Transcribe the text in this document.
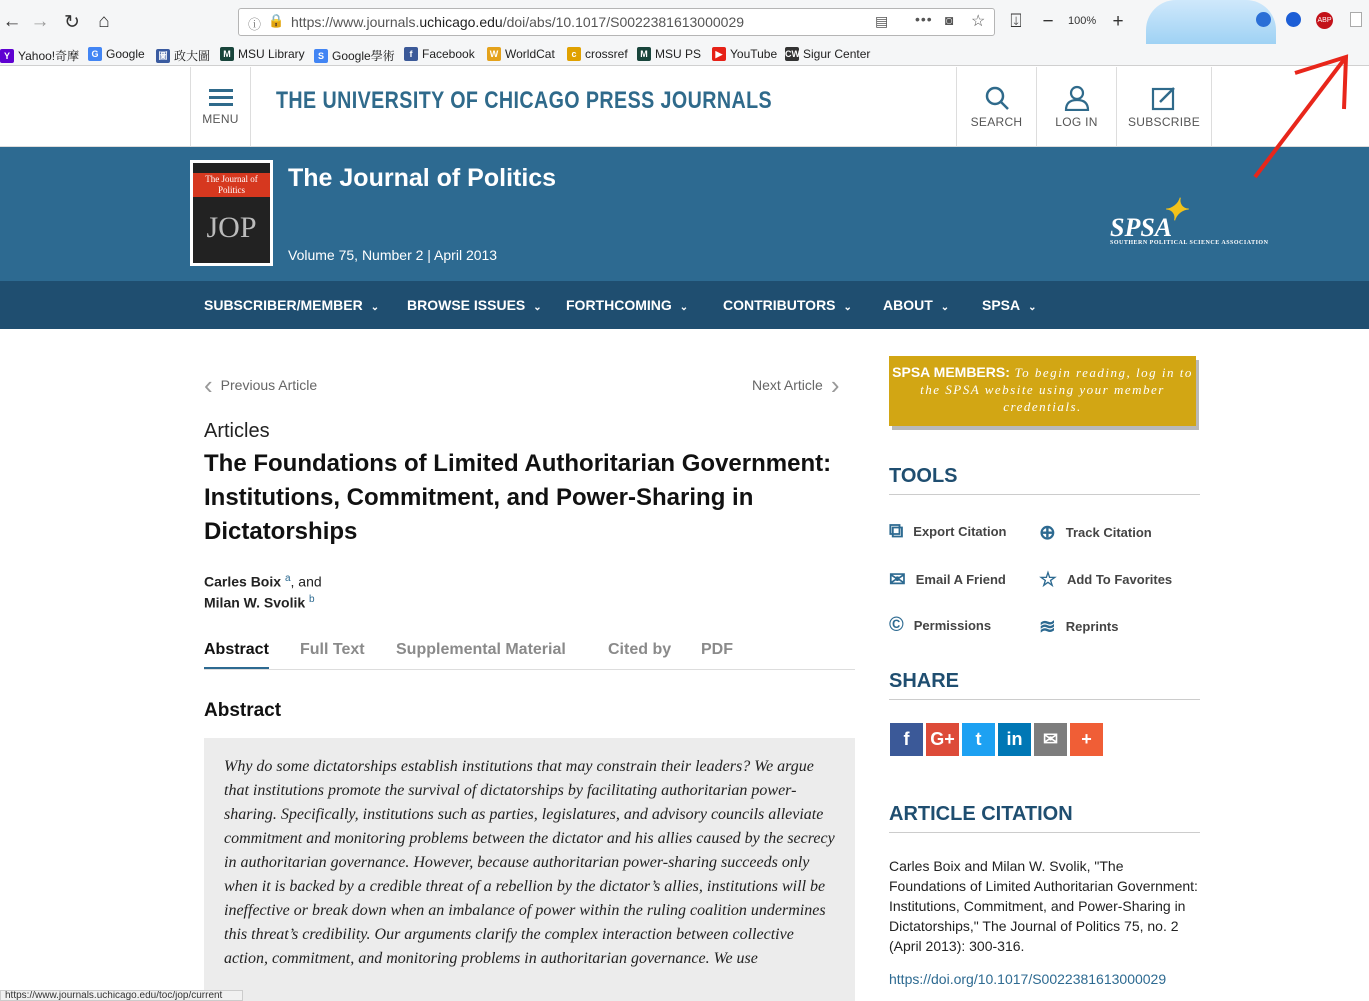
← → ↻ ⌂	ⓘ 🔒 https://www.journals.uchicago.edu/doi/abs/10.1017/S0022381613000029	▤ ••• ◙ ☆	⍗	−	100% +	ABP
Y Yahoo!奇摩	G Google 圖 政大圖	M MSU Library	S Google學術	f Facebook	W WorldCat	c crossref	M MSU PS	▶ YouTube CW Sigur Center
MENU
THE UNIVERSITY OF CHICAGO PRESS JOURNALS
SEARCH	LOG IN	SUBSCRIBE
The Journal of Politics
JOP
The Journal of Politics
Volume 75, Number 2 | April 2013
SPSA✦
SOUTHERN POLITICAL SCIENCE ASSOCIATION
SUBSCRIBER/MEMBER ⌄ BROWSE ISSUES ⌄ FORTHCOMING ⌄ CONTRIBUTORS ⌄ ABOUT ⌄ SPSA ⌄
‹ Previous Article	Next Article ›
Articles
The Foundations of Limited Authoritarian Government: Institutions, Commitment, and Power-Sharing in Dictatorships
Carles Boix $^a$, and
Milan W. Svolik $^b$
Abstract Full Text Supplemental Material	Cited by PDF
Abstract
Why do some dictatorships establish institutions that may constrain their leaders? We argue that institutions promote the survival of dictatorships by facilitating authoritarian power-sharing. Specifically, institutions such as parties, legislatures, and advisory councils alleviate commitment and monitoring problems between the dictator and his allies caused by the secrecy in authoritarian governance. However, because authoritarian power-sharing succeeds only when it is backed by a credible threat of a rebellion by the dictator’s allies, institutions will be ineffective or break down when an imbalance of power within the ruling coalition undermines this threat’s credibility. Our arguments clarify the complex interaction between collective action, commitment, and monitoring problems in authoritarian governance. We use
SPSA MEMBERS: To begin reading, log in to the SPSA website using your member credentials.
TOOLS
⧉ Export Citation ⊕ Track Citation
✉ Email A Friend ☆ Add To Favorites
© Permissions ≋ Reprints
SHARE
f	G+	t	in	✉	+
ARTICLE CITATION
Carles Boix and Milan W. Svolik, "The Foundations of Limited Authoritarian Government: Institutions, Commitment, and Power-Sharing in Dictatorships," The Journal of Politics 75, no. 2 (April 2013): 300-316.
https://doi.org/10.1017/S0022381613000029
https://www.journals.uchicago.edu/toc/jop/current
